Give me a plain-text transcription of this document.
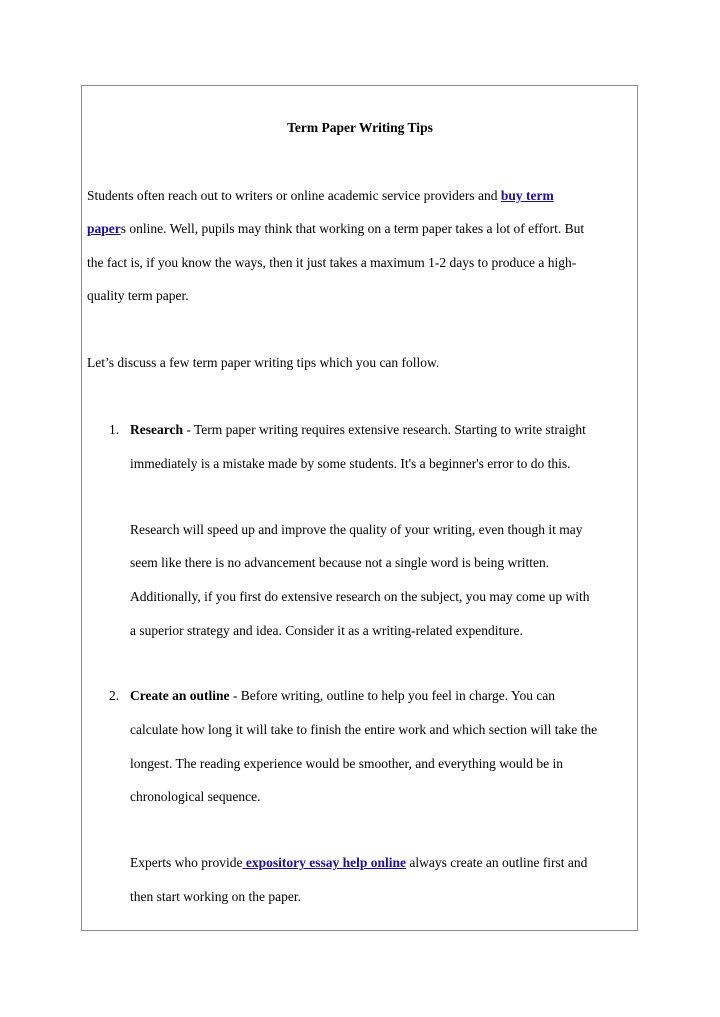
Term Paper Writing Tips
Students often reach out to writers or online academic service providers and buy term
papers online. Well, pupils may think that working on a term paper takes a lot of effort. But
the fact is, if you know the ways, then it just takes a maximum 1-2 days to produce a high-
quality term paper.
Let’s discuss a few term paper writing tips which you can follow.
1. Research - Term paper writing requires extensive research. Starting to write straight
immediately is a mistake made by some students. It's a beginner's error to do this.
Research will speed up and improve the quality of your writing, even though it may
seem like there is no advancement because not a single word is being written.
Additionally, if you first do extensive research on the subject, you may come up with
a superior strategy and idea. Consider it as a writing-related expenditure.
2. Create an outline - Before writing, outline to help you feel in charge. You can
calculate how long it will take to finish the entire work and which section will take the
longest. The reading experience would be smoother, and everything would be in
chronological sequence.
Experts who provide expository essay help online always create an outline first and
then start working on the paper.
